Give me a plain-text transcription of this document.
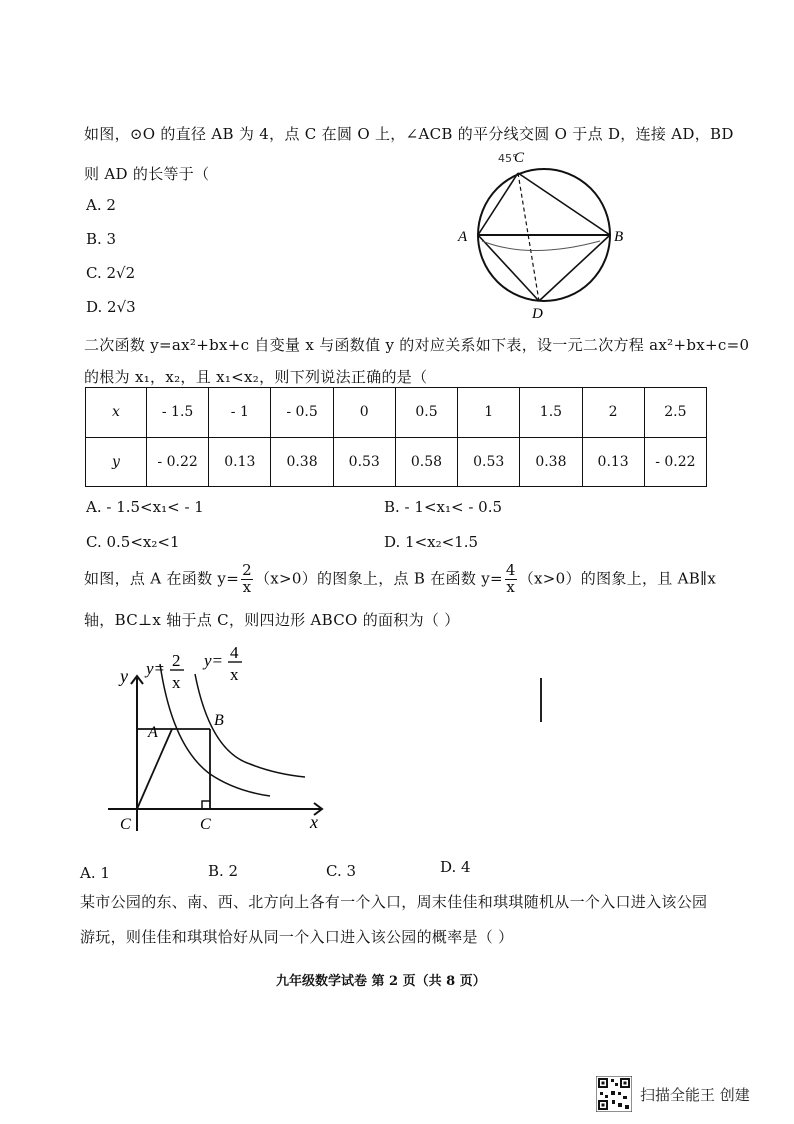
如图，⊙O 的直径 AB 为 4，点 C 在圆 O 上，∠ACB 的平分线交圆 O 于点 D，连接 AD，BD
则 AD 的长等于（
A. 2
B. 3
C. 2√2
D. 2√3
A	B
C
D
45°
二次函数 y=ax²+bx+c 自变量 x 与函数值 y 的对应关系如下表，设一元二次方程 ax²+bx+c=0
的根为 x₁，x₂，且 x₁<x₂，则下列说法正确的是（
x	- 1.5	- 1	- 0.5	0	0.5	1	1.5	2	2.5
y	- 0.22	0.13	0.38	0.53	0.58	0.53	0.38	0.13	- 0.22
A. - 1.5<x₁< - 1	B. - 1<x₁< - 0.5
C. 0.5<x₂<1	D. 1<x₂<1.5
如图，点 A 在函数 $y= \frac{2}{x} (x>0)$的图象上，点 B 在函数 $y= \frac{4}{x} (x>0)$的图象上，且 AB∥x
轴，BC⊥x 轴于点 C，则四边形 ABCO 的面积为（ ）
y
x
y= 2
x
y= 4
x
A
B
C	C
A. 1	B. 2	C. 3	D. 4
某市公园的东、南、西、北方向上各有一个入口，周末佳佳和琪琪随机从一个入口进入该公园
游玩，则佳佳和琪琪恰好从同一个入口进入该公园的概率是（ ）
九年级数学试卷 第 2 页（共 8 页）
扫描全能王 创建
